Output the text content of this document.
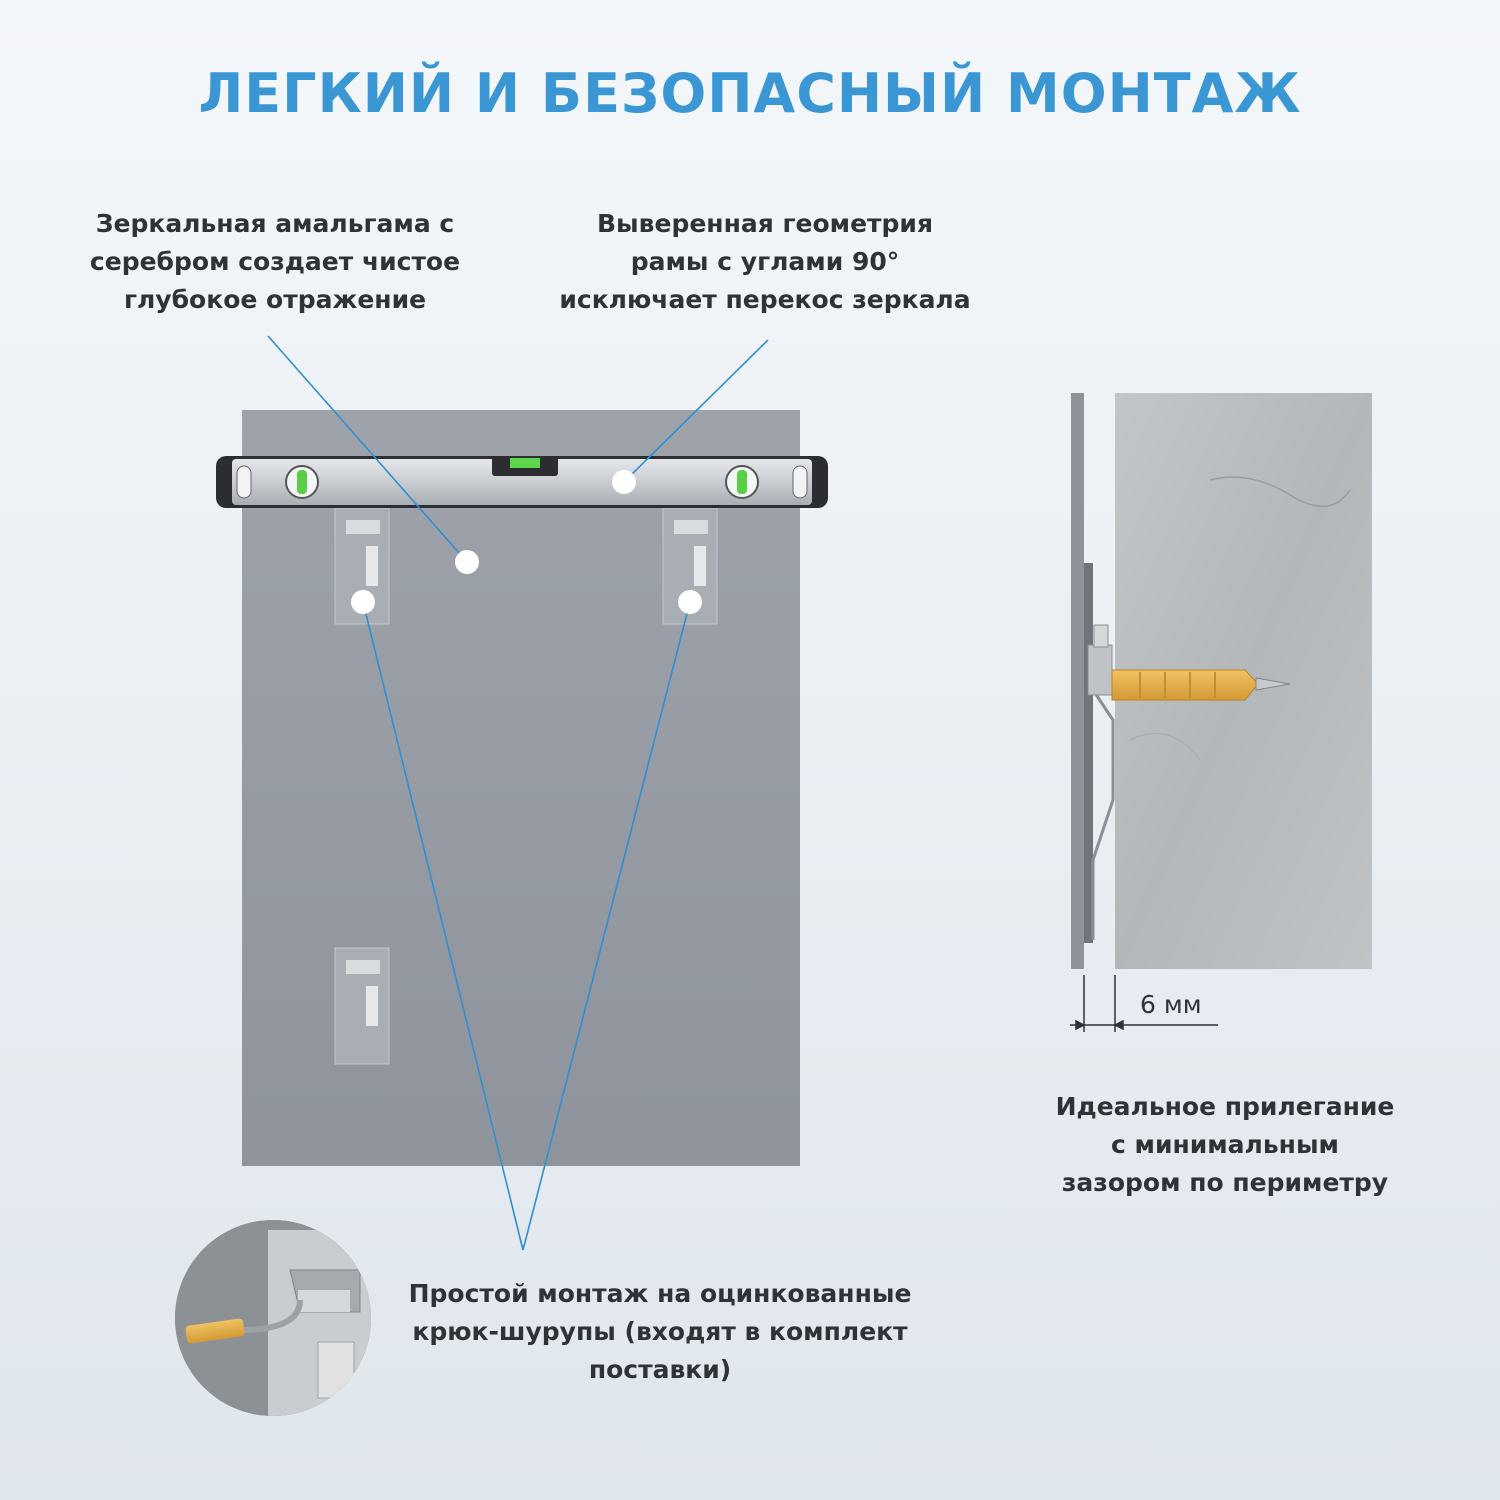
ЛЕГКИЙ И БЕЗОПАСНЫЙ МОНТАЖ
Зеркальная амальгама с
серебром создает чистое
глубокое отражение
Выверенная геометрия
рамы с углами 90°
исключает перекос зеркала
6 мм
Идеальное прилегание
с минимальным
зазором по периметру
Простой монтаж на оцинкованные
крюк-шурупы (входят в комплект
поставки)
